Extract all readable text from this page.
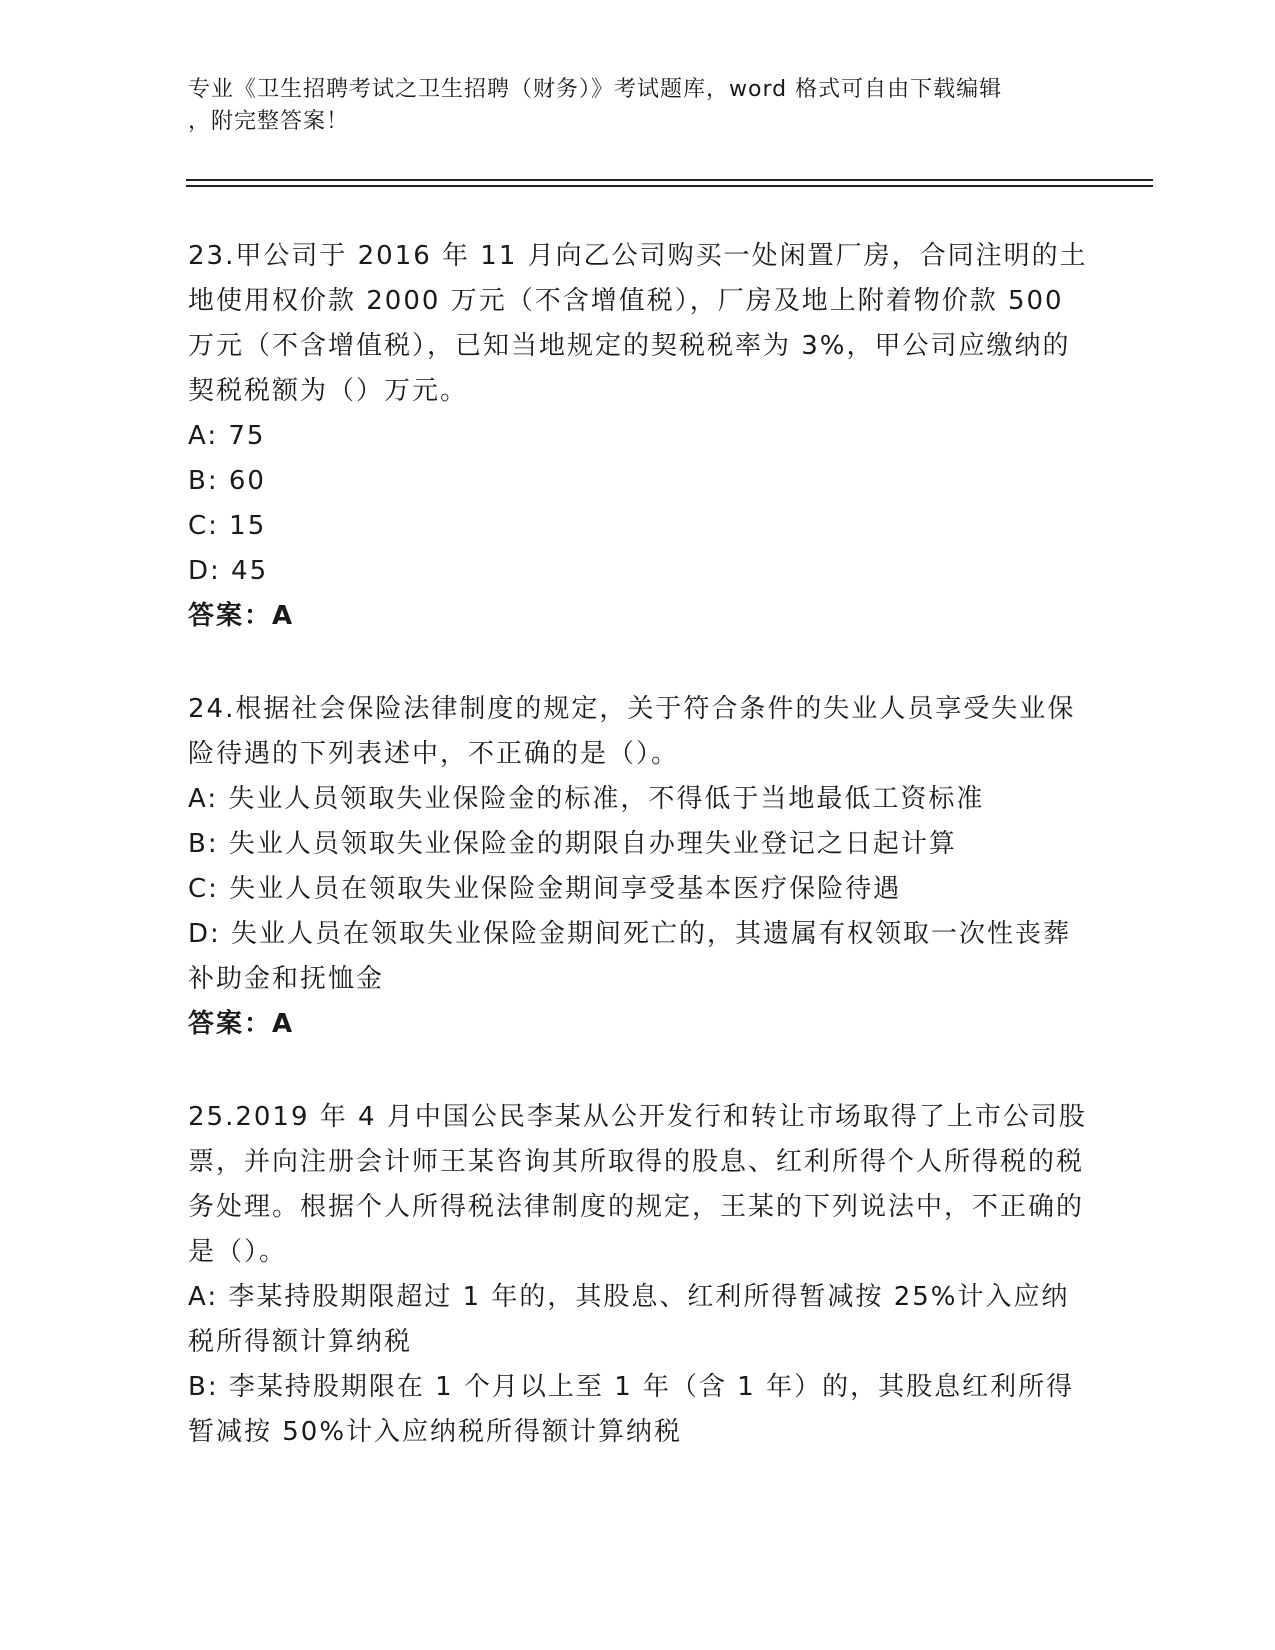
专业《卫生招聘考试之卫生招聘（财务）》考试题库，word 格式可自由下载编辑
，附完整答案！

23.甲公司于 2016 年 11 月向乙公司购买一处闲置厂房，合同注明的土地使用权价款 2000 万元（不含增值税），厂房及地上附着物价款 500 万元（不含增值税），已知当地规定的契税税率为 3%，甲公司应缴纳的契税税额为（）万元。

A: 75

B: 60

C: 15

D: 45

答案：A

24.根据社会保险法律制度的规定，关于符合条件的失业人员享受失业保险待遇的下列表述中，不正确的是（）。

A: 失业人员领取失业保险金的标准，不得低于当地最低工资标准

B: 失业人员领取失业保险金的期限自办理失业登记之日起计算

C: 失业人员在领取失业保险金期间享受基本医疗保险待遇

D: 失业人员在领取失业保险金期间死亡的，其遗属有权领取一次性丧葬补助金和抚恤金

答案：A

25.2019 年 4 月中国公民李某从公开发行和转让市场取得了上市公司股票，并向注册会计师王某咨询其所取得的股息、红利所得个人所得税的税务处理。根据个人所得税法律制度的规定，王某的下列说法中，不正确的是（）。

A: 李某持股期限超过 1 年的，其股息、红利所得暂减按 25%计入应纳税所得额计算纳税

B: 李某持股期限在 1 个月以上至 1 年（含 1 年）的，其股息红利所得暂减按 50%计入应纳税所得额计算纳税
